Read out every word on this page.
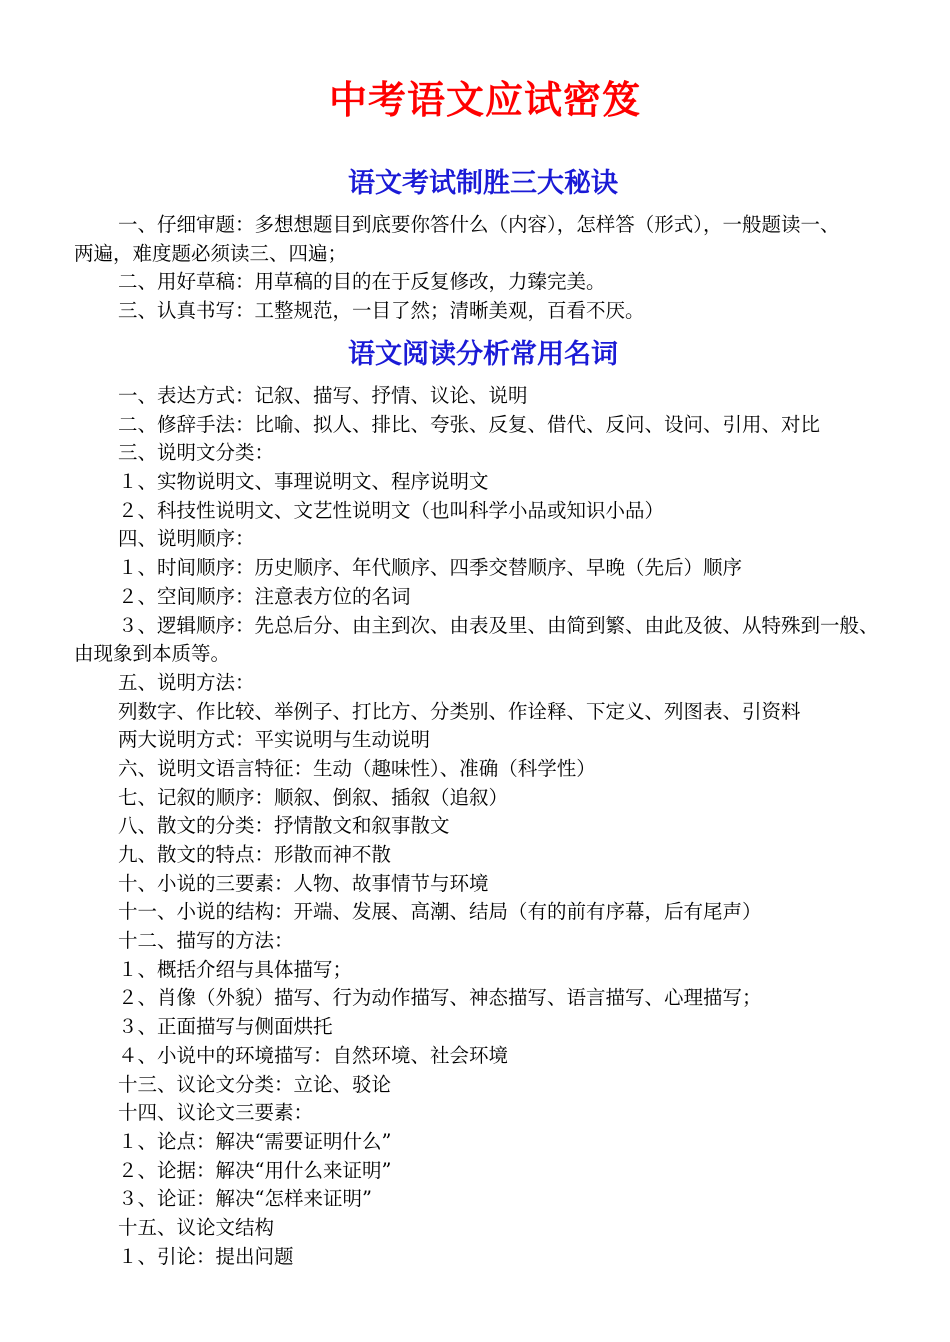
中考语文应试密笈
语文考试制胜三大秘诀
一、仔细审题：多想想题目到底要你答什么（内容），怎样答（形式），一般题读一、
两遍，难度题必须读三、四遍；
二、用好草稿：用草稿的目的在于反复修改，力臻完美。
三、认真书写：工整规范，一目了然；清晰美观，百看不厌。
语文阅读分析常用名词
一、表达方式：记叙、描写、抒情、议论、说明
二、修辞手法：比喻、拟人、排比、夸张、反复、借代、反问、设问、引用、对比
三、说明文分类：
１、实物说明文、事理说明文、程序说明文
２、科技性说明文、文艺性说明文（也叫科学小品或知识小品）
四、说明顺序：
１、时间顺序：历史顺序、年代顺序、四季交替顺序、早晚（先后）顺序
２、空间顺序：注意表方位的名词
３、逻辑顺序：先总后分、由主到次、由表及里、由简到繁、由此及彼、从特殊到一般、
由现象到本质等。
五、说明方法：
列数字、作比较、举例子、打比方、分类别、作诠释、下定义、列图表、引资料
两大说明方式：平实说明与生动说明
六、说明文语言特征：生动（趣味性）、准确（科学性）
七、记叙的顺序：顺叙、倒叙、插叙（追叙）
八、散文的分类：抒情散文和叙事散文
九、散文的特点：形散而神不散
十、小说的三要素：人物、故事情节与环境
十一、小说的结构：开端、发展、高潮、结局（有的前有序幕，后有尾声）
十二、描写的方法：
１、概括介绍与具体描写；
２、肖像（外貌）描写、行为动作描写、神态描写、语言描写、心理描写；
３、正面描写与侧面烘托
４、小说中的环境描写：自然环境、社会环境
十三、议论文分类：立论、驳论
十四、议论文三要素：
１、论点：解决“需要证明什么”
２、论据：解决“用什么来证明”
３、论证：解决“怎样来证明”
十五、议论文结构
１、引论：提出问题
